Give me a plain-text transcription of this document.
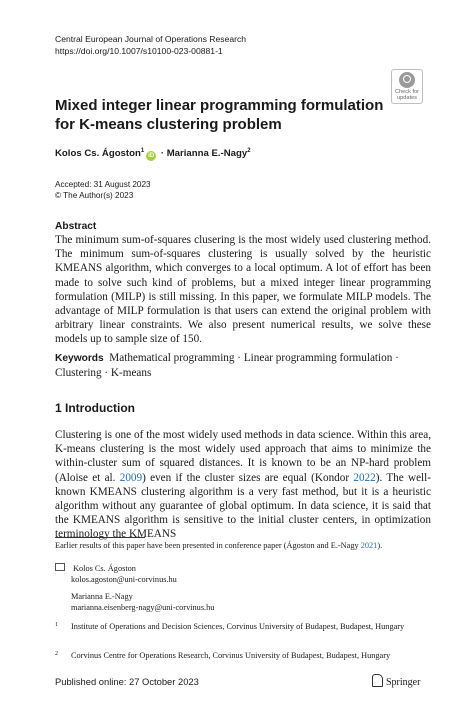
Central European Journal of Operations Research
https://doi.org/10.1007/s10100-023-00881-1
Check for
updates
Mixed integer linear programming formulation for K-means clustering problem
Kolos Cs. Ágoston$^1$iD · Marianna E.-Nagy$^2$
Accepted: 31 August 2023
© The Author(s) 2023
Abstract
The minimum sum-of-squares clusering is the most widely used clustering method. The minimum sum-of-squares clustering is usually solved by the heuristic KMEANS algorithm, which converges to a local optimum. A lot of effort has been made to solve such kind of problems, but a mixed integer linear programming formulation (MILP) is still missing. In this paper, we formulate MILP models. The advantage of MILP formulation is that users can extend the original problem with arbitrary linear constraints. We also present numerical results, we solve these models up to sample size of 150.
Keywords Mathematical programming · Linear programming formulation · Clustering · K-means
1 Introduction
Clustering is one of the most widely used methods in data science. Within this area, K-means clustering is the most widely used approach that aims to minimize the within-cluster sum of squared distances. It is known to be an NP-hard problem (Aloise et al. 2009) even if the cluster sizes are equal (Kondor 2022). The well-known KMEANS clustering algorithm is a very fast method, but it is a heuristic algorithm without any guarantee of global optimum. In data science, it is said that the KMEANS algorithm is sensitive to the initial cluster centers, in optimization terminology the KMEANS
Earlier results of this paper have been presented in conference paper (Ágoston and E.-Nagy 2021).
Kolos Cs. Ágoston
kolos.agoston@uni-corvinus.hu
Marianna E.-Nagy
marianna.eisenberg-nagy@uni-corvinus.hu
1	Institute of Operations and Decision Sciences, Corvinus University of Budapest, Budapest, Hungary
2	Corvinus Centre for Operations Research, Corvinus University of Budapest, Budapest, Hungary
Published online: 27 October 2023	Springer
